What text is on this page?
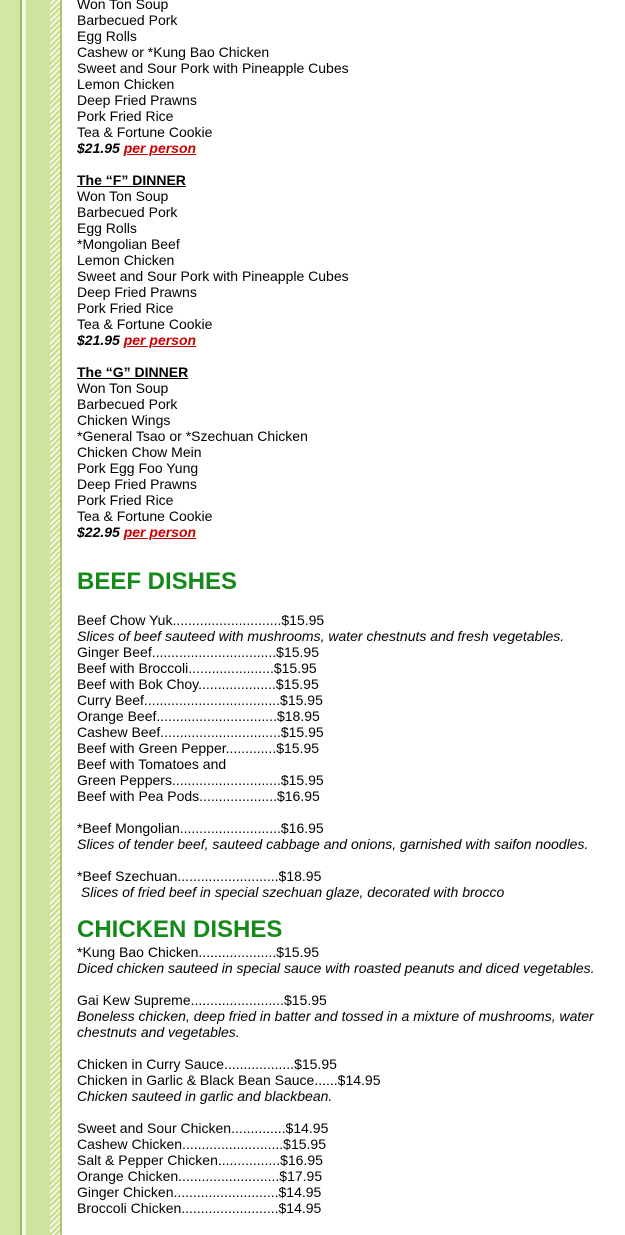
Won Ton Soup
Barbecued Pork
Egg Rolls
Cashew or *Kung Bao Chicken
Sweet and Sour Pork with Pineapple Cubes
Lemon Chicken
Deep Fried Prawns
Pork Fried Rice
Tea & Fortune Cookie
$21.95 per person
The “F” DINNER
Won Ton Soup
Barbecued Pork
Egg Rolls
*Mongolian Beef
Lemon Chicken
Sweet and Sour Pork with Pineapple Cubes
Deep Fried Prawns
Pork Fried Rice
Tea & Fortune Cookie
$21.95 per person
The “G” DINNER
Won Ton Soup
Barbecued Pork
Chicken Wings
*General Tsao or *Szechuan Chicken
Chicken Chow Mein
Pork Egg Foo Yung
Deep Fried Prawns
Pork Fried Rice
Tea & Fortune Cookie
$22.95 per person
BEEF DISHES
Beef Chow Yuk............................$15.95
Slices of beef sauteed with mushrooms, water chestnuts and fresh vegetables.
Ginger Beef................................$15.95
Beef with Broccoli......................$15.95
Beef with Bok Choy....................$15.95
Curry Beef...................................$15.95
Orange Beef...............................$18.95
Cashew Beef...............................$15.95
Beef with Green Pepper.............$15.95
Beef with Tomatoes and
Green Peppers............................$15.95
Beef with Pea Pods....................$16.95
*Beef Mongolian..........................$16.95
Slices of tender beef, sauteed cabbage and onions, garnished with saifon noodles.
*Beef Szechuan..........................$18.95
Slices of fried beef in special szechuan glaze, decorated with brocco
CHICKEN DISHES
*Kung Bao Chicken....................$15.95
Diced chicken sauteed in special sauce with roasted peanuts and diced vegetables.
Gai Kew Supreme........................$15.95
Boneless chicken, deep fried in batter and tossed in a mixture of mushrooms, water chestnuts and vegetables.
Chicken in Curry Sauce..................$15.95
Chicken in Garlic & Black Bean Sauce......$14.95
Chicken sauteed in garlic and blackbean.
Sweet and Sour Chicken..............$14.95
Cashew Chicken..........................$15.95
Salt & Pepper Chicken................$16.95
Orange Chicken..........................$17.95
Ginger Chicken...........................$14.95
Broccoli Chicken.........................$14.95
